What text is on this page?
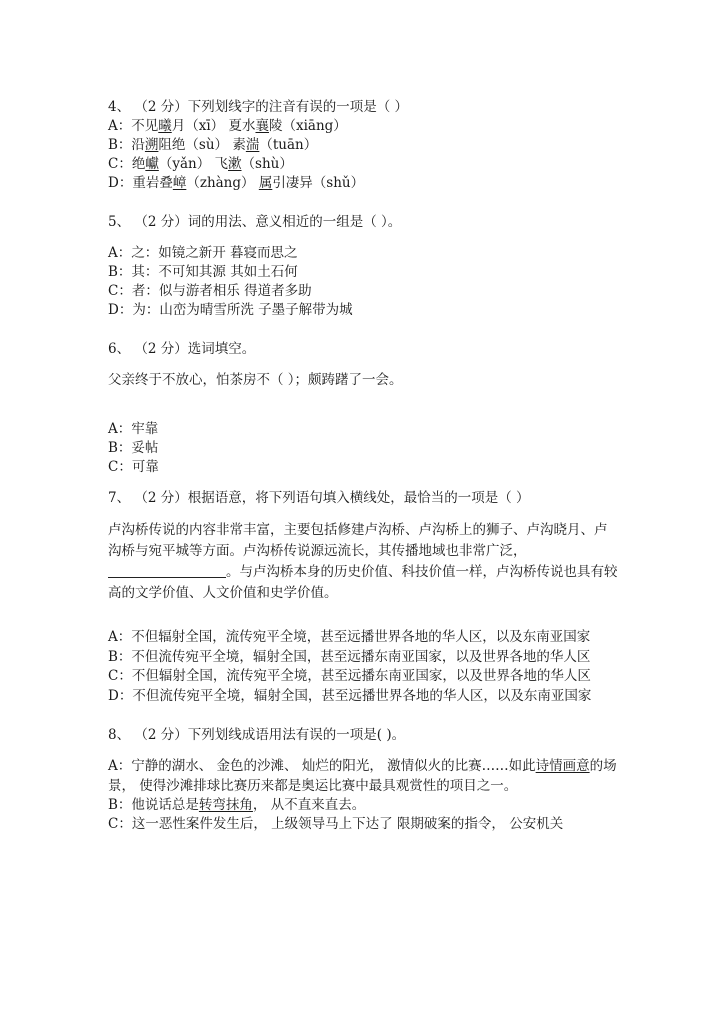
4、 （2 分）下列划线字的注音有误的一项是（ ）

A：不见曦月（xī） 夏水襄陵（xiāng）

B：沿溯阻绝（sù） 素湍（tuān）

C：绝巘（yǎn） 飞漱（shù）

D：重岩叠嶂（zhàng） 属引凄异（shǔ）

5、 （2 分）词的用法、意义相近的一组是（ ）。

A：之：如镜之新开 暮寝而思之

B：其：不可知其源 其如土石何

C：者：似与游者相乐 得道者多助

D：为：山峦为晴雪所洗 子墨子解带为城

6、 （2 分）选词填空。

父亲终于不放心，怕茶房不（ ）；颇踌躇了一会。

A：牢靠

B：妥帖

C：可靠

7、 （2 分）根据语意，将下列语句填入横线处，最恰当的一项是（ ）

卢沟桥传说的内容非常丰富，主要包括修建卢沟桥、卢沟桥上的狮子、卢沟晓月、卢沟桥与宛平城等方面。卢沟桥传说源远流长，其传播地域也非常广泛，
。与卢沟桥本身的历史价值、科技价值一样，卢沟桥传说也具有较高的文学价值、人文价值和史学价值。

A：不但辐射全国，流传宛平全境，甚至远播世界各地的华人区，以及东南亚国家

B：不但流传宛平全境，辐射全国，甚至远播东南亚国家，以及世界各地的华人区

C：不但辐射全国，流传宛平全境，甚至远播东南亚国家，以及世界各地的华人区

D：不但流传宛平全境，辐射全国，甚至远播世界各地的华人区，以及东南亚国家

8、 （2 分）下列划线成语用法有误的一项是( )。

A：宁静的湖水、 金色的沙滩、 灿烂的阳光， 激情似火的比赛……如此诗情画意的场景， 使得沙滩排球比赛历来都是奥运比赛中最具观赏性的项目之一。

B：他说话总是转弯抹角， 从不直来直去。

C：这一恶性案件发生后， 上级领导马上下达了 限期破案的指令， 公安机关
